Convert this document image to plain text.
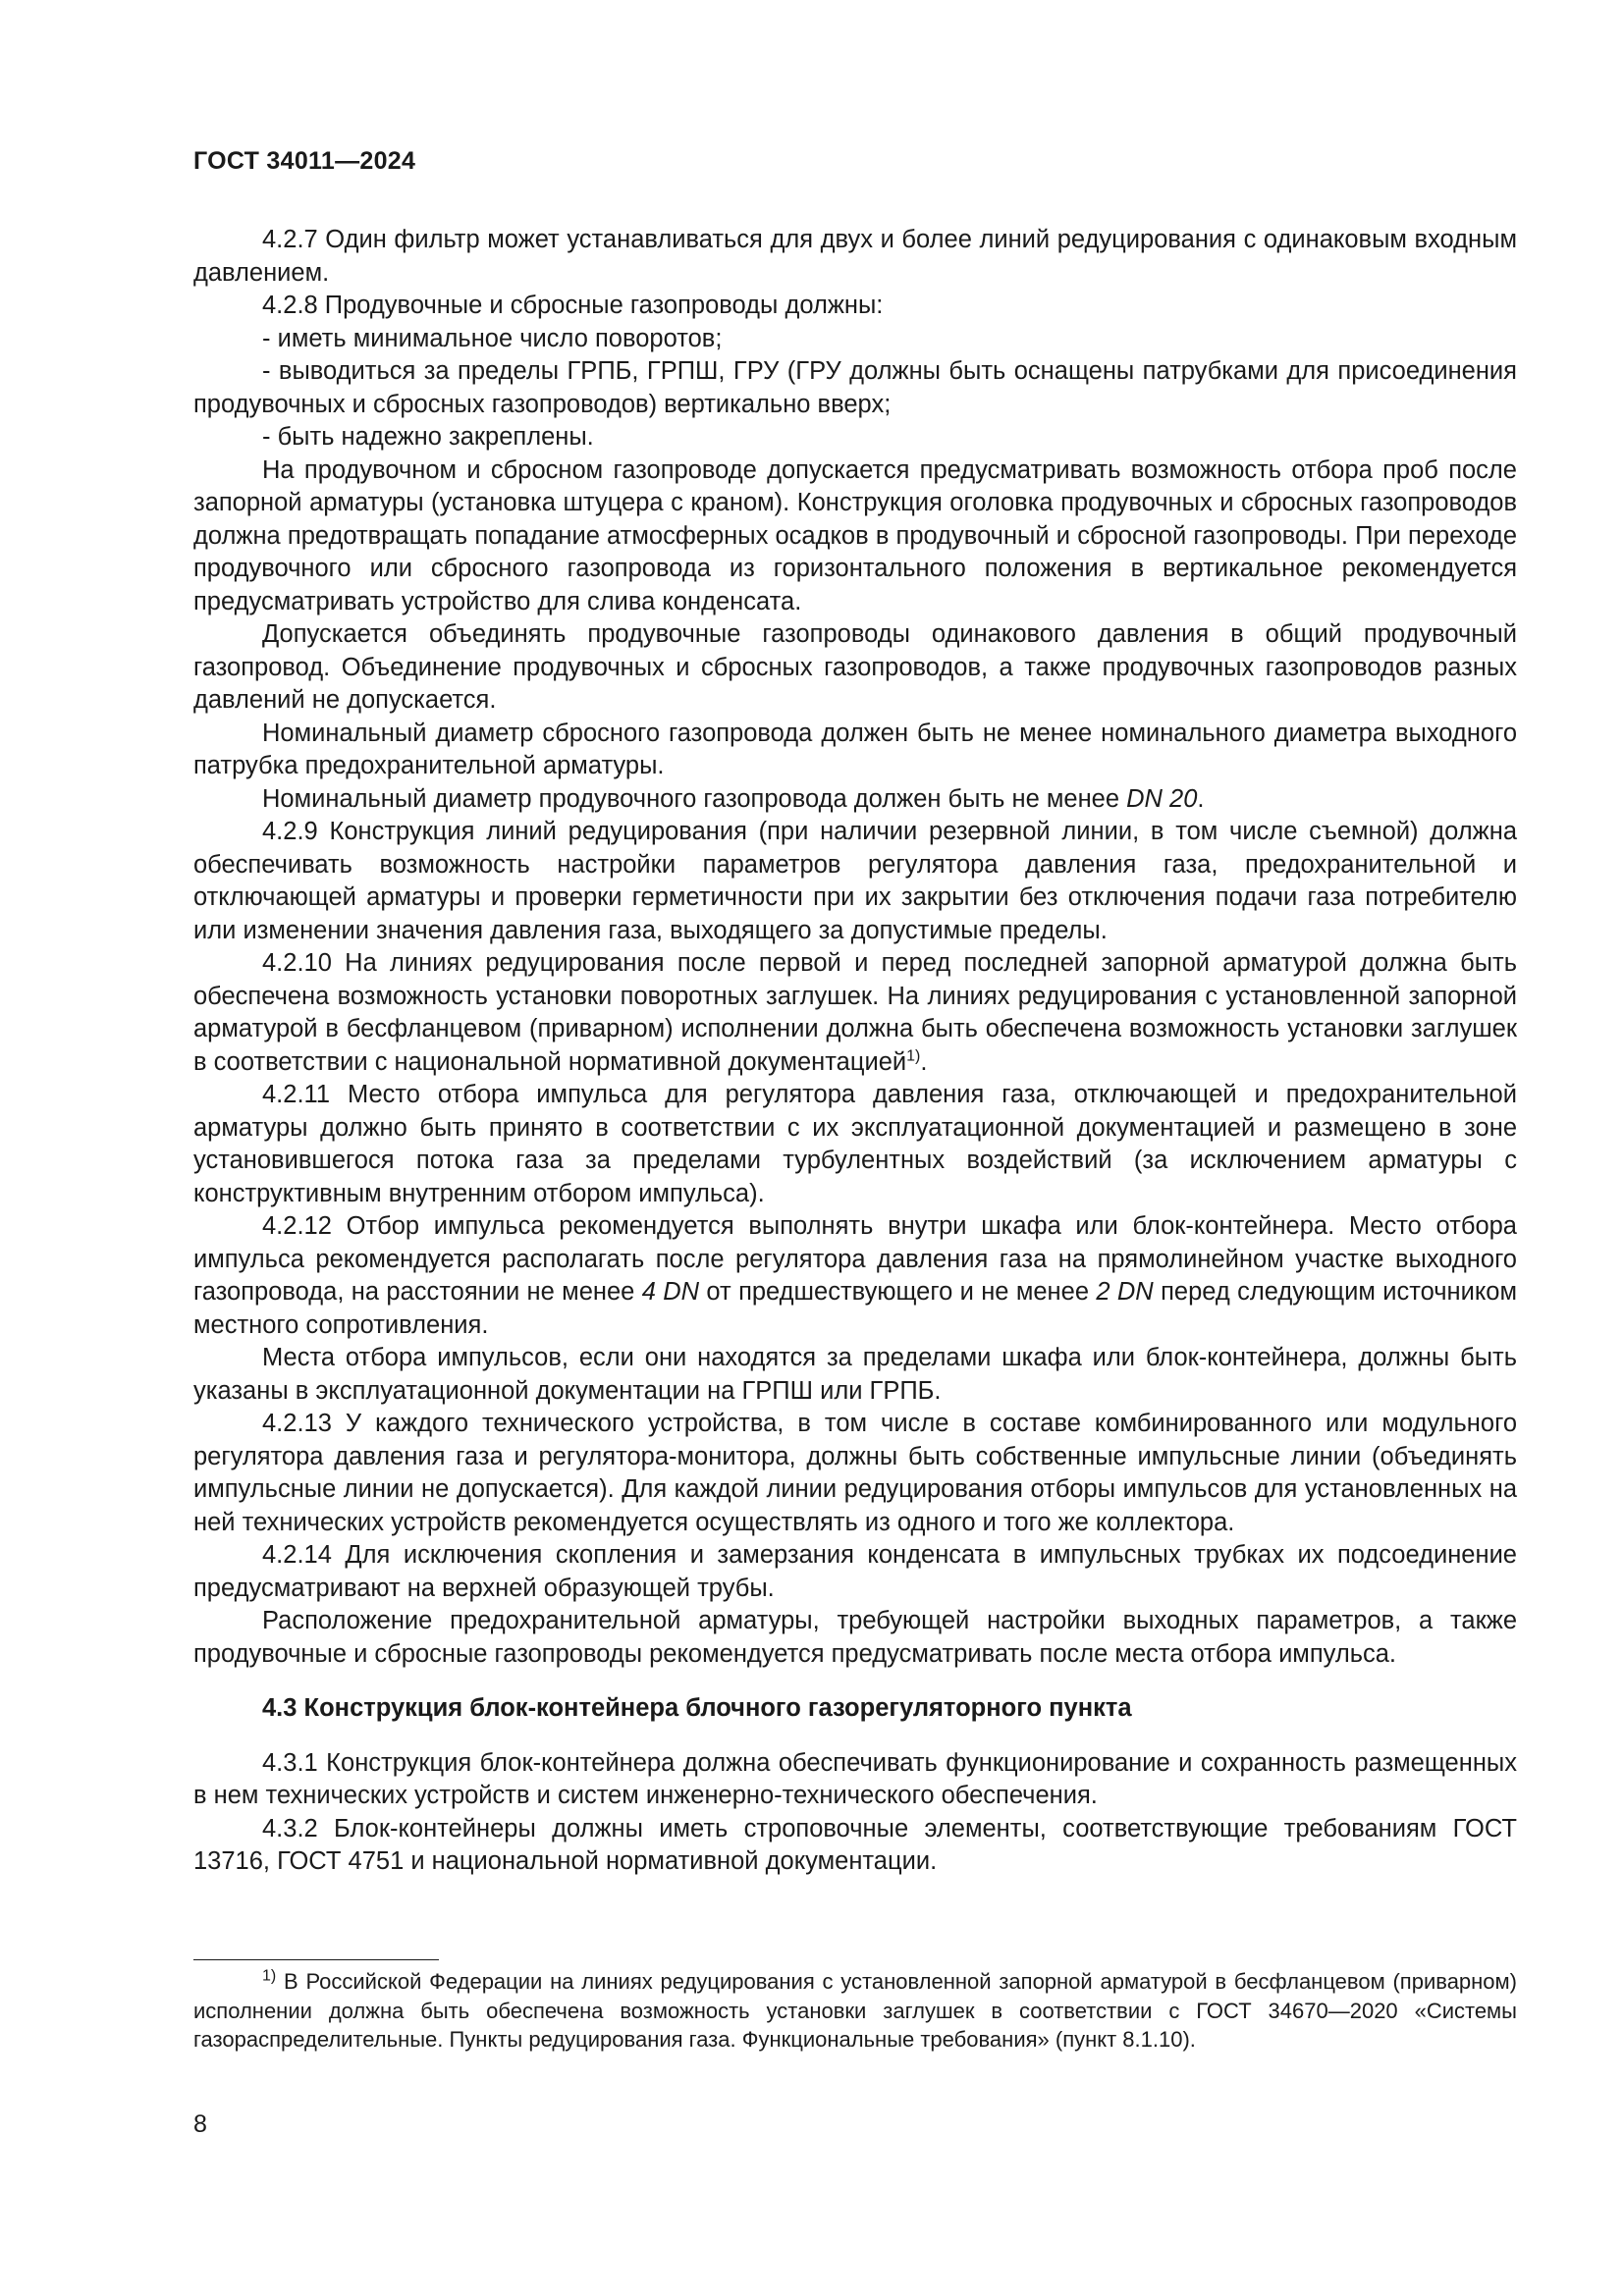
ГОСТ 34011—2024

4.2.7 Один фильтр может устанавливаться для двух и более линий редуцирования с одинаковым входным давлением.

4.2.8 Продувочные и сбросные газопроводы должны:

- иметь минимальное число поворотов;

- выводиться за пределы ГРПБ, ГРПШ, ГРУ (ГРУ должны быть оснащены патрубками для присоединения продувочных и сбросных газопроводов) вертикально вверх;

- быть надежно закреплены.

На продувочном и сбросном газопроводе допускается предусматривать возможность отбора проб после запорной арматуры (установка штуцера с краном). Конструкция оголовка продувочных и сбросных газопроводов должна предотвращать попадание атмосферных осадков в продувочный и сбросной газопроводы. При переходе продувочного или сбросного газопровода из горизонтального положения в вертикальное рекомендуется предусматривать устройство для слива конденсата.

Допускается объединять продувочные газопроводы одинакового давления в общий продувочный газопровод. Объединение продувочных и сбросных газопроводов, а также продувочных газопроводов разных давлений не допускается.

Номинальный диаметр сбросного газопровода должен быть не менее номинального диаметра выходного патрубка предохранительной арматуры.

Номинальный диаметр продувочного газопровода должен быть не менее DN 20.

4.2.9 Конструкция линий редуцирования (при наличии резервной линии, в том числе съемной) должна обеспечивать возможность настройки параметров регулятора давления газа, предохранительной и отключающей арматуры и проверки герметичности при их закрытии без отключения подачи газа потребителю или изменении значения давления газа, выходящего за допустимые пределы.

4.2.10 На линиях редуцирования после первой и перед последней запорной арматурой должна быть обеспечена возможность установки поворотных заглушек. На линиях редуцирования с установленной запорной арматурой в бесфланцевом (приварном) исполнении должна быть обеспечена возможность установки заглушек в соответствии с национальной нормативной документацией$^{1)}$.

4.2.11 Место отбора импульса для регулятора давления газа, отключающей и предохранительной арматуры должно быть принято в соответствии с их эксплуатационной документацией и размещено в зоне установившегося потока газа за пределами турбулентных воздействий (за исключением арматуры с конструктивным внутренним отбором импульса).

4.2.12 Отбор импульса рекомендуется выполнять внутри шкафа или блок-контейнера. Место отбора импульса рекомендуется располагать после регулятора давления газа на прямолинейном участке выходного газопровода, на расстоянии не менее 4 DN от предшествующего и не менее 2 DN перед следующим источником местного сопротивления.

Места отбора импульсов, если они находятся за пределами шкафа или блок-контейнера, должны быть указаны в эксплуатационной документации на ГРПШ или ГРПБ.

4.2.13 У каждого технического устройства, в том числе в составе комбинированного или модульного регулятора давления газа и регулятора-монитора, должны быть собственные импульсные линии (объединять импульсные линии не допускается). Для каждой линии редуцирования отборы импульсов для установленных на ней технических устройств рекомендуется осуществлять из одного и того же коллектора.

4.2.14 Для исключения скопления и замерзания конденсата в импульсных трубках их подсоединение предусматривают на верхней образующей трубы.

Расположение предохранительной арматуры, требующей настройки выходных параметров, а также продувочные и сбросные газопроводы рекомендуется предусматривать после места отбора импульса.

4.3 Конструкция блок-контейнера блочного газорегуляторного пункта

4.3.1 Конструкция блок-контейнера должна обеспечивать функционирование и сохранность размещенных в нем технических устройств и систем инженерно-технического обеспечения.

4.3.2 Блок-контейнеры должны иметь строповочные элементы, соответствующие требованиям ГОСТ 13716, ГОСТ 4751 и национальной нормативной документации.

$^{1)}$ В Российской Федерации на линиях редуцирования с установленной запорной арматурой в бесфланцевом (приварном) исполнении должна быть обеспечена возможность установки заглушек в соответствии с ГОСТ 34670—2020 «Системы газораспределительные. Пункты редуцирования газа. Функциональные требования» (пункт 8.1.10).

8
